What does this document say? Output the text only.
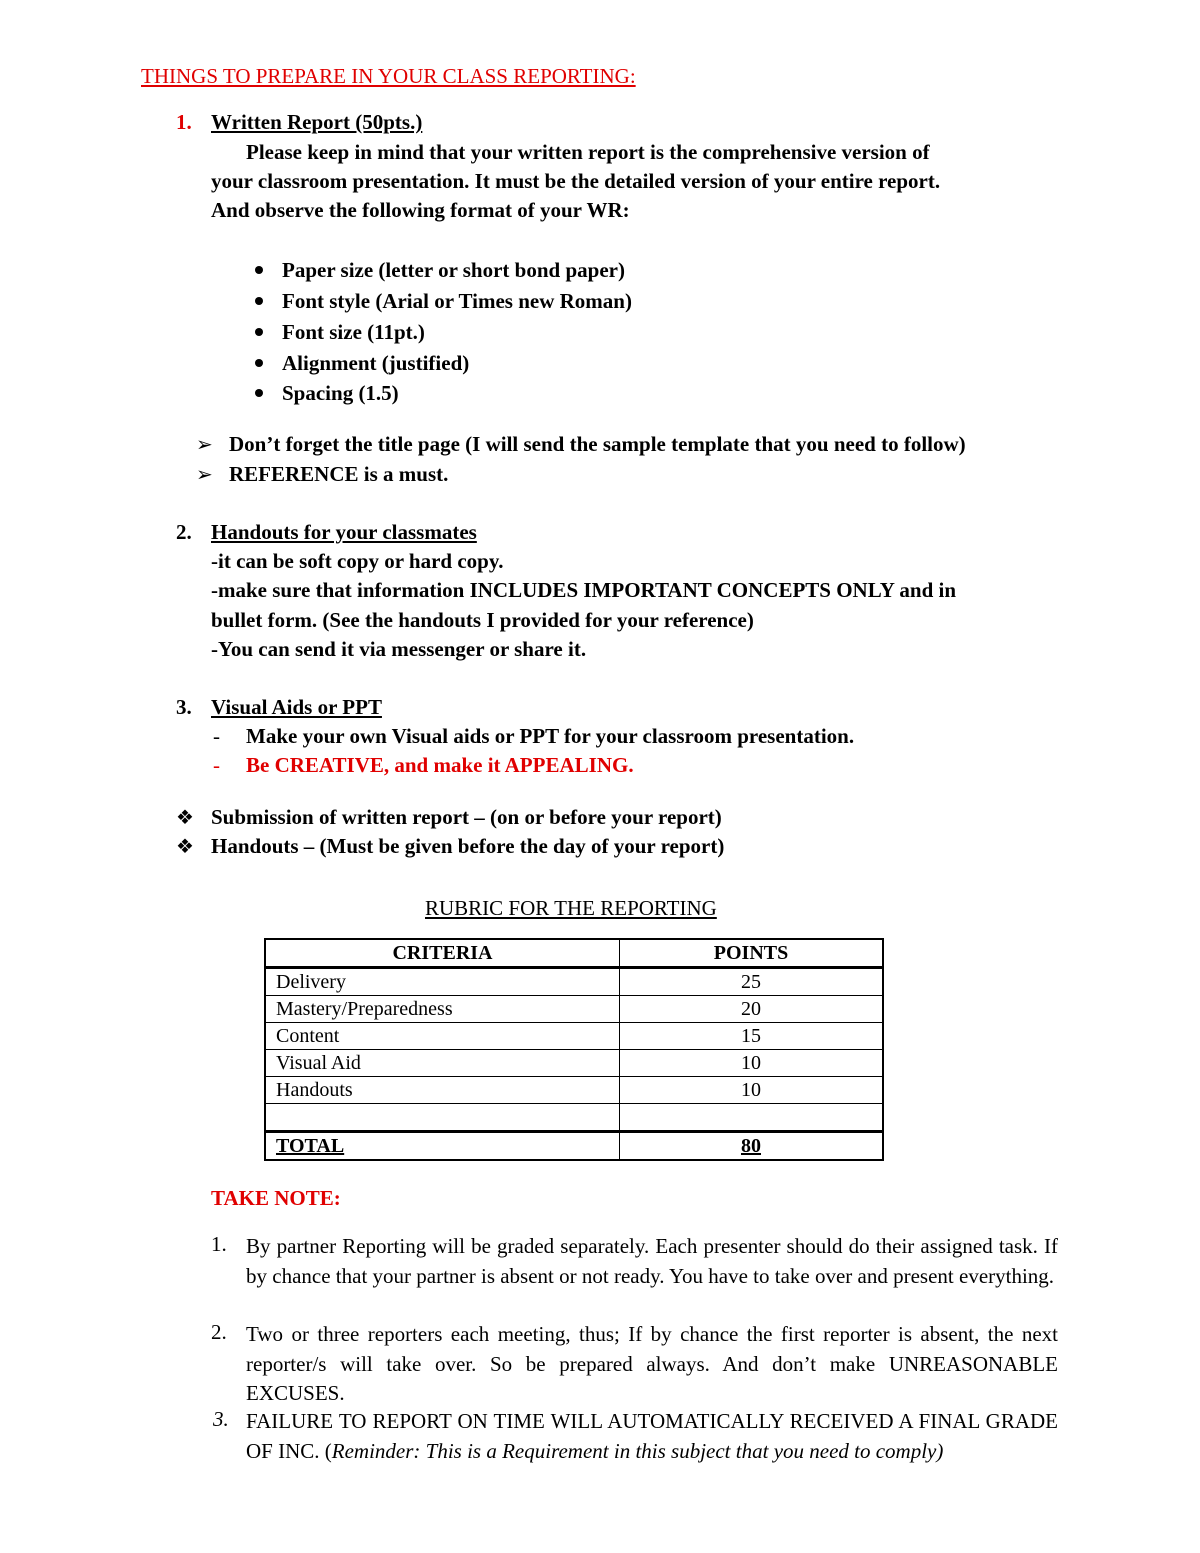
THINGS TO PREPARE IN YOUR CLASS REPORTING:
1. Written Report (50pts.)
Please keep in mind that your written report is the comprehensive version of
your classroom presentation. It must be the detailed version of your entire report.
And observe the following format of your WR:
Paper size (letter or short bond paper)
Font style (Arial or Times new Roman)
Font size (11pt.)
Alignment (justified)
Spacing (1.5)
➢ Don’t forget the title page (I will send the sample template that you need to follow)
➢ REFERENCE is a must.
2. Handouts for your classmates
-it can be soft copy or hard copy.
-make sure that information INCLUDES IMPORTANT CONCEPTS ONLY and in
bullet form. (See the handouts I provided for your reference)
-You can send it via messenger or share it.
3. Visual Aids or PPT
- Make your own Visual aids or PPT for your classroom presentation.
- Be CREATIVE, and make it APPEALING.
❖ Submission of written report – (on or before your report)
❖ Handouts – (Must be given before the day of your report)
RUBRIC FOR THE REPORTING
CRITERIA	POINTS
Delivery	25
Mastery/Preparedness	20
Content	15
Visual Aid	10
Handouts	10

TOTAL	80
TAKE NOTE:
1. By partner Reporting will be graded separately. Each presenter should do their assigned task. If by chance that your partner is absent or not ready. You have to take over and present everything.
2. Two or three reporters each meeting, thus; If by chance the first reporter is absent, the next reporter/s will take over. So be prepared always. And don’t make UNREASONABLE EXCUSES.
3. FAILURE TO REPORT ON TIME WILL AUTOMATICALLY RECEIVED A FINAL GRADE OF INC. (Reminder: This is a Requirement in this subject that you need to comply)
